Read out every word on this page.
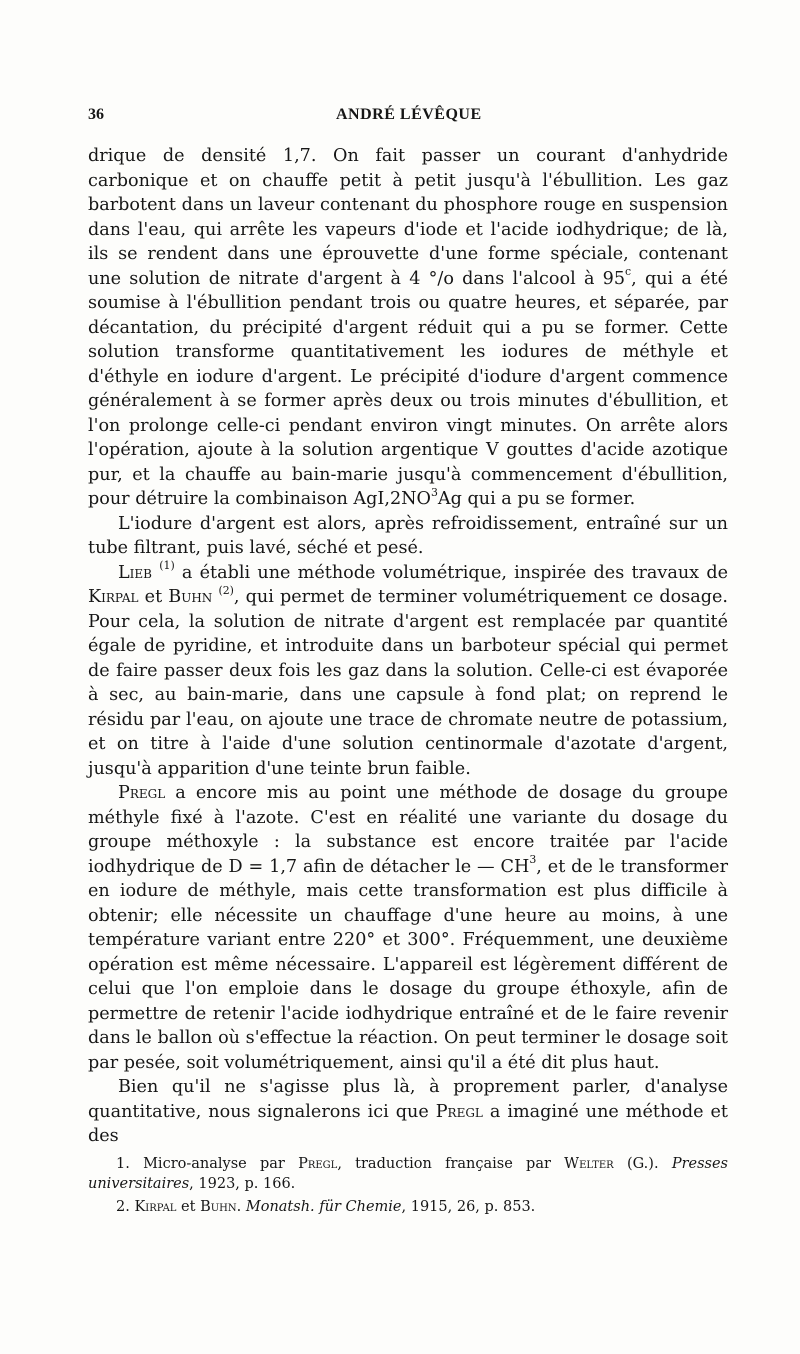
36	ANDRÉ LÉVÊQUE

drique de densité 1,7. On fait passer un courant d'anhydride carbonique et on chauffe petit à petit jusqu'à l'ébullition. Les gaz barbotent dans un laveur contenant du phosphore rouge en suspension dans l'eau, qui arrête les vapeurs d'iode et l'acide iodhydrique; de là, ils se rendent dans une éprouvette d'une forme spéciale, contenant une solution de nitrate d'argent à 4 °/o dans l'alcool à 95$^c$, qui a été soumise à l'ébullition pendant trois ou quatre heures, et séparée, par décantation, du précipité d'argent réduit qui a pu se former. Cette solution transforme quantitativement les iodures de méthyle et d'éthyle en iodure d'argent. Le précipité d'iodure d'argent commence généralement à se former après deux ou trois minutes d'ébullition, et l'on prolonge celle-ci pendant environ vingt minutes. On arrête alors l'opération, ajoute à la solution argentique V gouttes d'acide azotique pur, et la chauffe au bain-marie jusqu'à commencement d'ébullition, pour détruire la combinaison $AgI,2NO^3Ag$ qui a pu se former.

L'iodure d'argent est alors, après refroidissement, entraîné sur un tube filtrant, puis lavé, séché et pesé.

Lieb $^{(1)}$ a établi une méthode volumétrique, inspirée des travaux de Kirpal et Buhn $^{(2)}$, qui permet de terminer volumétriquement ce dosage. Pour cela, la solution de nitrate d'argent est remplacée par quantité égale de pyridine, et introduite dans un barboteur spécial qui permet de faire passer deux fois les gaz dans la solution. Celle-ci est évaporée à sec, au bain-marie, dans une capsule à fond plat; on reprend le résidu par l'eau, on ajoute une trace de chromate neutre de potassium, et on titre à l'aide d'une solution centinormale d'azotate d'argent, jusqu'à apparition d'une teinte brun faible.

Pregl a encore mis au point une méthode de dosage du groupe méthyle fixé à l'azote. C'est en réalité une variante du dosage du groupe méthoxyle : la substance est encore traitée par l'acide iodhydrique de D = 1,7 afin de détacher le — $CH^3$, et de le transformer en iodure de méthyle, mais cette transformation est plus difficile à obtenir; elle nécessite un chauffage d'une heure au moins, à une température variant entre 220° et 300°. Fréquemment, une deuxième opération est même nécessaire. L'appareil est légèrement différent de celui que l'on emploie dans le dosage du groupe éthoxyle, afin de permettre de retenir l'acide iodhydrique entraîné et de le faire revenir dans le ballon où s'effectue la réaction. On peut terminer le dosage soit par pesée, soit volumétriquement, ainsi qu'il a été dit plus haut.

Bien qu'il ne s'agisse plus là, à proprement parler, d'analyse quantitative, nous signalerons ici que Pregl a imaginé une méthode et des

1. Micro-analyse par Pregl, traduction française par Welter (G.). Presses universitaires, 1923, p. 166.

2. Kirpal et Buhn. Monatsh. für Chemie, 1915, 26, p. 853.
